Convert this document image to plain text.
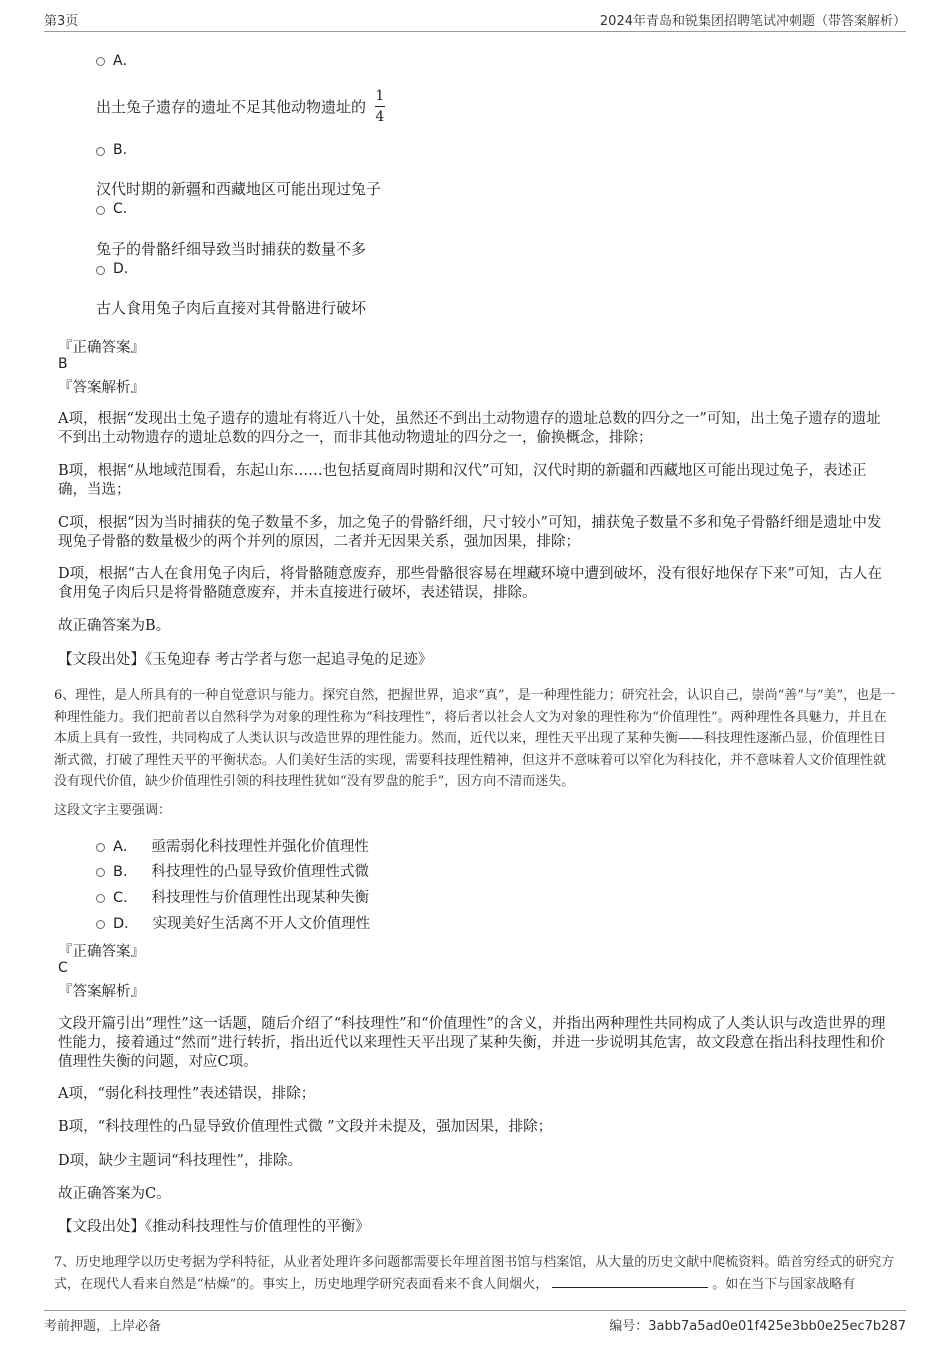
第3页	2024年青岛和锐集团招聘笔试冲刺题（带答案解析）
A．
出土兔子遗存的遗址不足其他动物遗址的 $\frac{1}{4}$
B.
汉代时期的新疆和西藏地区可能出现过兔子
C.
兔子的骨骼纤细导致当时捕获的数量不多
D.
古人食用兔子肉后直接对其骨骼进行破坏
『正确答案』
B
『答案解析』
A项，根据“发现出土兔子遗存的遗址有将近八十处，虽然还不到出土动物遗存的遗址总数的四分之一”可知，出土兔子遗存的遗址不到出土动物遗存的遗址总数的四分之一，而非其他动物遗址的四分之一，偷换概念，排除；
B项，根据“从地域范围看，东起山东……也包括夏商周时期和汉代”可知，汉代时期的新疆和西藏地区可能出现过兔子，表述正确，当选；
C项，根据“因为当时捕获的兔子数量不多，加之兔子的骨骼纤细，尺寸较小”可知，捕获兔子数量不多和兔子骨骼纤细是遗址中发现兔子骨骼的数量极少的两个并列的原因，二者并无因果关系，强加因果，排除；
D项，根据“古人在食用兔子肉后，将骨骼随意废弃，那些骨骼很容易在埋藏环境中遭到破坏，没有很好地保存下来”可知，古人在食用兔子肉后只是将骨骼随意废弃，并未直接进行破坏，表述错误，排除。
故正确答案为B。
【文段出处】《玉兔迎春 考古学者与您一起追寻兔的足迹》
6、理性，是人所具有的一种自觉意识与能力。探究自然，把握世界，追求“真”，是一种理性能力；研究社会，认识自己，崇尚“善”与“美”，也是一种理性能力。我们把前者以自然科学为对象的理性称为“科技理性”，将后者以社会人文为对象的理性称为“价值理性”。两种理性各具魅力，并且在本质上具有一致性，共同构成了人类认识与改造世界的理性能力。然而，近代以来，理性天平出现了某种失衡——科技理性逐渐凸显，价值理性日渐式微，打破了理性天平的平衡状态。人们美好生活的实现，需要科技理性精神，但这并不意味着可以窄化为科技化，并不意味着人文价值理性就没有现代价值，缺少价值理性引领的科技理性犹如“没有罗盘的舵手”，因方向不清而迷失。
这段文字主要强调：
A． 亟需弱化科技理性并强化价值理性
B． 科技理性的凸显导致价值理性式微
C． 科技理性与价值理性出现某种失衡
D． 实现美好生活离不开人文价值理性
『正确答案』
C
『答案解析』
文段开篇引出“理性”这一话题，随后介绍了“科技理性”和“价值理性”的含义，并指出两种理性共同构成了人类认识与改造世界的理性能力，接着通过“然而”进行转折，指出近代以来理性天平出现了某种失衡，并进一步说明其危害，故文段意在指出科技理性和价值理性失衡的问题，对应C项。
A项，“弱化科技理性”表述错误，排除；
B项，“科技理性的凸显导致价值理性式微 ”文段并未提及，强加因果，排除；
D项，缺少主题词“科技理性”，排除。
故正确答案为C。
【文段出处】《推动科技理性与价值理性的平衡》
7、历史地理学以历史考据为学科特征，从业者处理许多问题都需要长年埋首图书馆与档案馆，从大量的历史文献中爬梳资料。皓首穷经式的研究方式，在现代人看来自然是“枯燥”的。事实上，历史地理学研究表面看来不食人间烟火，	。如在当下与国家战略有
考前押题，上岸必备	编号：3abb7a5ad0e01f425e3bb0e25ec7b287
